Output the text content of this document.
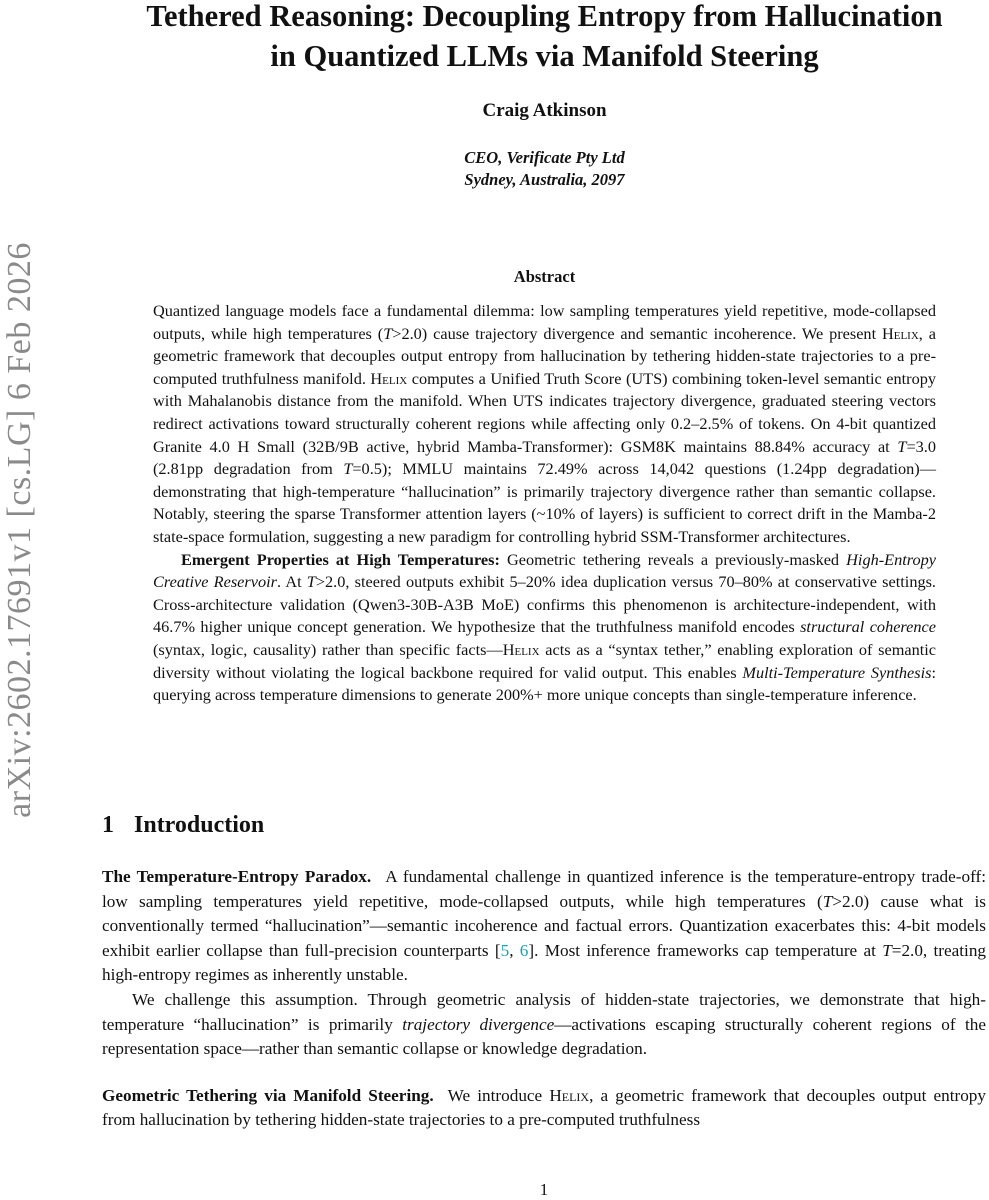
arXiv:2602.17691v1 [cs.LG] 6 Feb 2026
Tethered Reasoning: Decoupling Entropy from Hallucination
in Quantized LLMs via Manifold Steering

Craig Atkinson

CEO, Verificate Pty Ltd
Sydney, Australia, 2097

Abstract

Quantized language models face a fundamental dilemma: low sampling temperatures yield repetitive, mode-collapsed outputs, while high temperatures (T>2.0) cause trajectory divergence and semantic incoherence. We present Helix, a geometric framework that decouples output entropy from hallucination by tethering hidden-state trajectories to a pre-computed truthfulness manifold. Helix computes a Unified Truth Score (UTS) combining token-level semantic entropy with Mahalanobis distance from the manifold. When UTS indicates trajectory divergence, graduated steering vectors redirect activations toward structurally coherent regions while affecting only 0.2–2.5% of tokens. On 4-bit quantized Granite 4.0 H Small (32B/9B active, hybrid Mamba-Transformer): GSM8K maintains 88.84% accuracy at T=3.0 (2.81pp degradation from T=0.5); MMLU maintains 72.49% across 14,042 questions (1.24pp degradation)—demonstrating that high-temperature “hallucination” is primarily trajectory divergence rather than semantic collapse. Notably, steering the sparse Transformer attention layers (~10% of layers) is sufficient to correct drift in the Mamba-2 state-space formulation, suggesting a new paradigm for controlling hybrid SSM-Transformer architectures.

Emergent Properties at High Temperatures: Geometric tethering reveals a previously-masked High-Entropy Creative Reservoir. At T>2.0, steered outputs exhibit 5–20% idea duplication versus 70–80% at conservative settings. Cross-architecture validation (Qwen3-30B-A3B MoE) confirms this phenomenon is architecture-independent, with 46.7% higher unique concept generation. We hypothesize that the truthfulness manifold encodes structural coherence (syntax, logic, causality) rather than specific facts—Helix acts as a “syntax tether,” enabling exploration of semantic diversity without violating the logical backbone required for valid output. This enables Multi-Temperature Synthesis: querying across temperature dimensions to generate 200%+ more unique concepts than single-temperature inference.

1 Introduction

The Temperature-Entropy Paradox. A fundamental challenge in quantized inference is the temperature-entropy trade-off: low sampling temperatures yield repetitive, mode-collapsed outputs, while high temperatures (T>2.0) cause what is conventionally termed “hallucination”—semantic incoherence and factual errors. Quantization exacerbates this: 4-bit models exhibit earlier collapse than full-precision counterparts [5, 6]. Most inference frameworks cap temperature at T=2.0, treating high-entropy regimes as inherently unstable.

We challenge this assumption. Through geometric analysis of hidden-state trajectories, we demonstrate that high-temperature “hallucination” is primarily trajectory divergence—activations escaping structurally coherent regions of the representation space—rather than semantic collapse or knowledge degradation.

Geometric Tethering via Manifold Steering. We introduce Helix, a geometric framework that decouples output entropy from hallucination by tethering hidden-state trajectories to a pre-computed truthfulness

1
